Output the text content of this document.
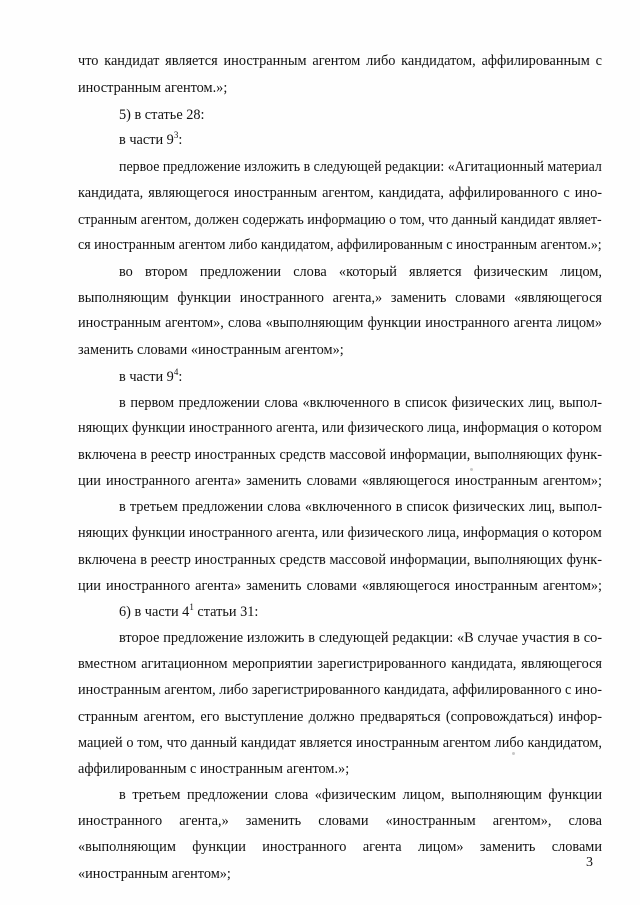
что кандидат является иностранным агентом либо кандидатом, аффилированным с

иностранным агентом.»;

5) в статье 28:

в части $9^3$:

первое предложение изложить в следующей редакции: «Агитационный материал

кандидата, являющегося иностранным агентом, кандидата, аффилированного с ино-

странным агентом, должен содержать информацию о том, что данный кандидат являет-

ся иностранным агентом либо кандидатом, аффилированным с иностранным агентом.»;

во втором предложении слова «который является физическим лицом,

выполняющим функции иностранного агента,» заменить словами «являющегося

иностранным агентом», слова «выполняющим функции иностранного агента лицом»

заменить словами «иностранным агентом»;

в части $9^4$:

в первом предложении слова «включенного в список физических лиц, выпол-

няющих функции иностранного агента, или физического лица, информация о котором

включена в реестр иностранных средств массовой информации, выполняющих функ-

ции иностранного агента» заменить словами «являющегося иностранным агентом»;

в третьем предложении слова «включенного в список физических лиц, выпол-

няющих функции иностранного агента, или физического лица, информация о котором

включена в реестр иностранных средств массовой информации, выполняющих функ-

ции иностранного агента» заменить словами «являющегося иностранным агентом»;

6) в части $4^1$ статьи 31:

второе предложение изложить в следующей редакции: «В случае участия в со-

вместном агитационном мероприятии зарегистрированного кандидата, являющегося

иностранным агентом, либо зарегистрированного кандидата, аффилированного с ино-

странным агентом, его выступление должно предваряться (сопровождаться) инфор-

мацией о том, что данный кандидат является иностранным агентом либо кандидатом,

аффилированным с иностранным агентом.»;

в третьем предложении слова «физическим лицом, выполняющим функции

иностранного агента,» заменить словами «иностранным агентом», слова

«выполняющим функции иностранного агента лицом» заменить словами

«иностранным агентом»;

3
